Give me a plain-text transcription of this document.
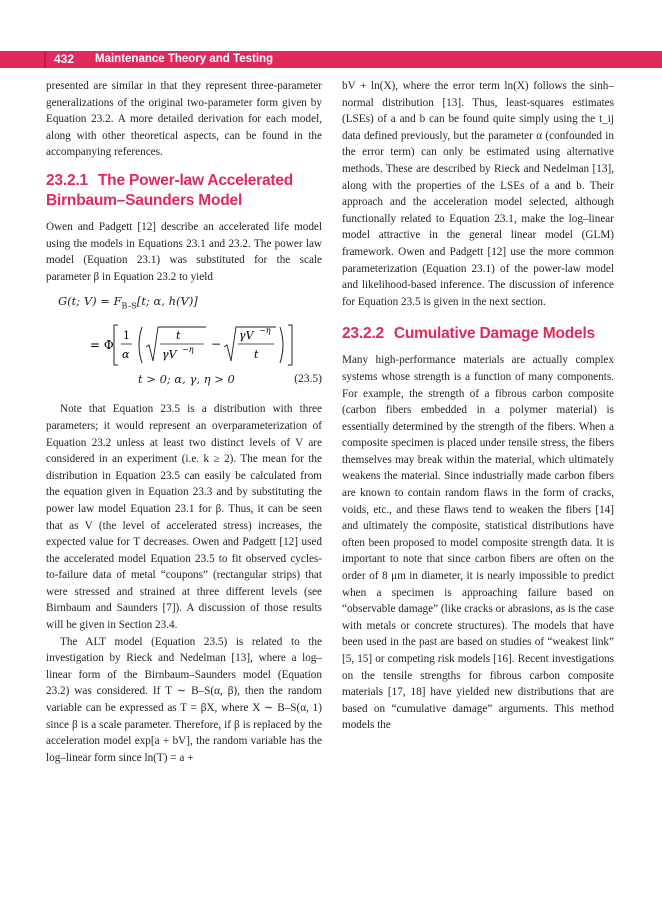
432	Maintenance Theory and Testing

presented are similar in that they represent three-parameter generalizations of the original two-parameter form given by Equation 23.2. A more detailed derivation for each model, along with other theoretical aspects, can be found in the accompanying references.

23.2.1 The Power-law Accelerated Birnbaum–Saunders Model

Owen and Padgett [12] describe an accelerated life model using the models in Equations 23.1 and 23.2. The power law model (Equation 23.1) was substituted for the scale parameter β in Equation 23.2 to yield

G(t; $V) = F_{B-S}[t$; α, h(V)]
= Φ
1
α
t
γV −η −
γV −η
t
t > 0; α, γ, η > 0	(23.5)

Note that Equation 23.5 is a distribution with three parameters; it would represent an overparameterization of Equation 23.2 unless at least two distinct levels of V are considered in an experiment (i.e. k ≥ 2). The mean for the distribution in Equation 23.5 can easily be calculated from the equation given in Equation 23.3 and by substituting the power law model Equation 23.1 for β. Thus, it can be seen that as V (the level of accelerated stress) increases, the expected value for T decreases. Owen and Padgett [12] used the accelerated model Equation 23.5 to fit observed cycles-to-failure data of metal “coupons” (rectangular strips) that were stressed and strained at three different levels (see Birnbaum and Saunders [7]). A discussion of those results will be given in Section 23.4.

The ALT model (Equation 23.5) is related to the investigation by Rieck and Nedelman [13], where a log–linear form of the Birnbaum–Saunders model (Equation 23.2) was considered. If T ∼ B–S(α, β), then the random variable can be expressed as T = βX, where X ∼ B–S(α, 1) since β is a scale parameter. Therefore, if β is replaced by the acceleration model exp[a + bV], the random variable has the log–linear form since ln(T) = a +

bV + ln(X), where the error term ln(X) follows the sinh–normal distribution [13]. Thus, least-squares estimates (LSEs) of a and b can be found quite simply using the t_ij data defined previously, but the parameter α (confounded in the error term) can only be estimated using alternative methods. These are described by Rieck and Nedelman [13], along with the properties of the LSEs of a and b. Their approach and the acceleration model selected, although functionally related to Equation 23.1, make the log–linear model attractive in the general linear model (GLM) framework. Owen and Padgett [12] use the more common parameterization (Equation 23.1) of the power-law model and likelihood-based inference. The discussion of inference for Equation 23.5 is given in the next section.

23.2.2 Cumulative Damage Models

Many high-performance materials are actually complex systems whose strength is a function of many components. For example, the strength of a fibrous carbon composite (carbon fibers embedded in a polymer material) is essentially determined by the strength of the fibers. When a composite specimen is placed under tensile stress, the fibers themselves may break within the material, which ultimately weakens the material. Since industrially made carbon fibers are known to contain random flaws in the form of cracks, voids, etc., and these flaws tend to weaken the fibers [14] and ultimately the composite, statistical distributions have often been proposed to model composite strength data. It is important to note that since carbon fibers are often on the order of 8 μm in diameter, it is nearly impossible to predict when a specimen is approaching failure based on “observable damage” (like cracks or abrasions, as is the case with metals or concrete structures). The models that have been used in the past are based on studies of “weakest link” [5, 15] or competing risk models [16]. Recent investigations on the tensile strengths for fibrous carbon composite materials [17, 18] have yielded new distributions that are based on “cumulative damage” arguments. This method models the
